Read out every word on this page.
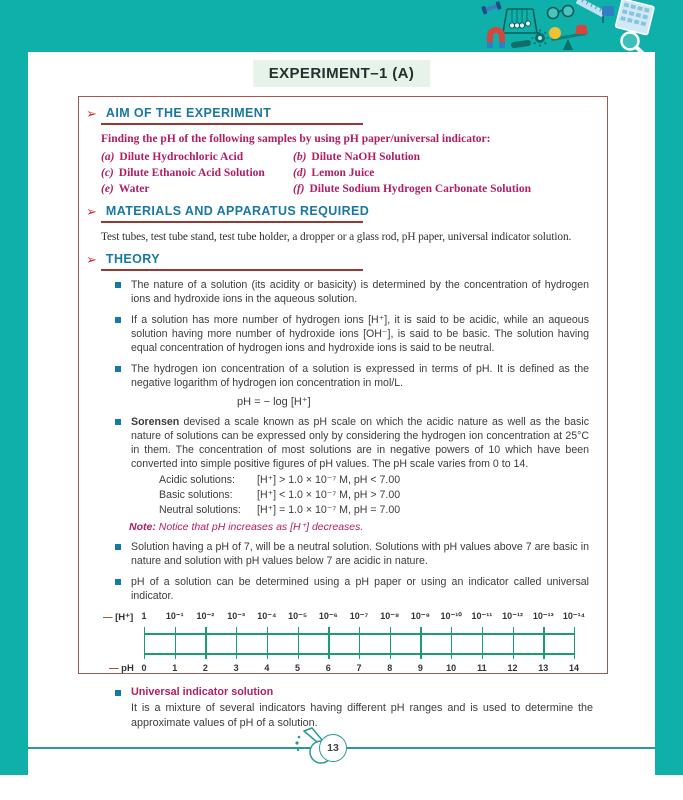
EXPERIMENT–1 (A)
➢ AIM OF THE EXPERIMENT
Finding the pH of the following samples by using pH paper/universal indicator:
(a) Dilute Hydrochloric Acid	(b) Dilute NaOH Solution
(c) Dilute Ethanoic Acid Solution (d) Lemon Juice
(e) Water	(f) Dilute Sodium Hydrogen Carbonate Solution
➢ MATERIALS AND APPARATUS REQUIRED
Test tubes, test tube stand, test tube holder, a dropper or a glass rod, pH paper, universal indicator solution.
➢ THEORY
The nature of a solution (its acidity or basicity) is determined by the concentration of hydrogen ions and hydroxide ions in the aqueous solution.
If a solution has more number of hydrogen ions [H⁺], it is said to be acidic, while an aqueous solution having more number of hydroxide ions [OH⁻], is said to be basic. The solution having equal concentration of hydrogen ions and hydroxide ions is said to be neutral.
The hydrogen ion concentration of a solution is expressed in terms of pH. It is defined as the negative logarithm of hydrogen ion concentration in mol/L.
pH = − log [H⁺]
Sorensen devised a scale known as pH scale on which the acidic nature as well as the basic nature of solutions can be expressed only by considering the hydrogen ion concentration at 25°C in them. The concentration of most solutions are in negative powers of 10 which have been converted into simple positive figures of pH values. The pH scale varies from 0 to 14.
Acidic solutions:	[H⁺] > 1.0 × 10⁻⁷ M, pH < 7.00
Basic solutions:	[H⁺] < 1.0 × 10⁻⁷ M, pH > 7.00
Neutral solutions:	[H⁺] = 1.0 × 10⁻⁷ M, pH = 7.00
Note: Notice that pH increases as [H⁺] decreases.
Solution having a pH of 7, will be a neutral solution. Solutions with pH values above 7 are basic in nature and solution with pH values below 7 are acidic in nature.
pH of a solution can be determined using a pH paper or using an indicator called universal indicator.
— [H⁺]
— pH
1
0
10⁻¹
1
10⁻²
2
10⁻³
3
10⁻⁴
4
10⁻⁵
5
10⁻⁶
6
10⁻⁷
7
10⁻⁸
8
10⁻⁹
9
10⁻¹⁰
10
10⁻¹¹
11
10⁻¹²
12
10⁻¹³
13
10⁻¹⁴
14
—
—
—
—
Universal indicator solution
It is a mixture of several indicators having different pH ranges and is used to determine the approximate values of pH of a solution.
13
